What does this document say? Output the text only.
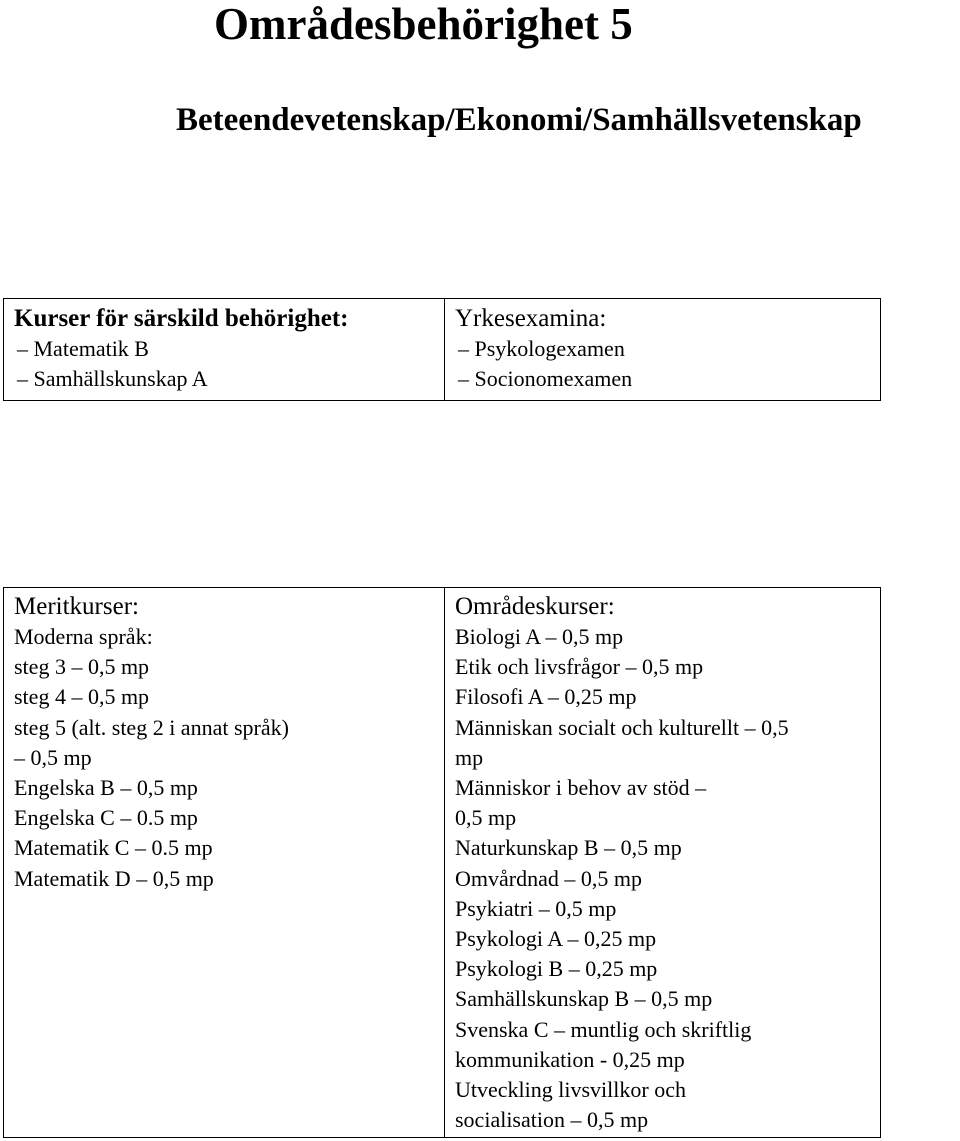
Områdesbehörighet 5
Beteendevetenskap/Ekonomi/Samhällsvetenskap
Kurser för särskild behörighet:
– Matematik B
– Samhällskunskap A

Yrkesexamina:
– Psykologexamen
– Socionomexamen
Meritkurser:
Moderna språk:
steg 3 – 0,5 mp
steg 4 – 0,5 mp
steg 5 (alt. steg 2 i annat språk)
– 0,5 mp
Engelska B – 0,5 mp
Engelska C – 0.5 mp
Matematik C – 0.5 mp
Matematik D – 0,5 mp

Områdeskurser:
Biologi A – 0,5 mp
Etik och livsfrågor – 0,5 mp
Filosofi A – 0,25 mp
Människan socialt och kulturellt – 0,5
mp
Människor i behov av stöd –
0,5 mp
Naturkunskap B – 0,5 mp
Omvårdnad – 0,5 mp
Psykiatri – 0,5 mp
Psykologi A – 0,25 mp
Psykologi B – 0,25 mp
Samhällskunskap B – 0,5 mp
Svenska C – muntlig och skriftlig
kommunikation - 0,25 mp
Utveckling livsvillkor och
socialisation – 0,5 mp
